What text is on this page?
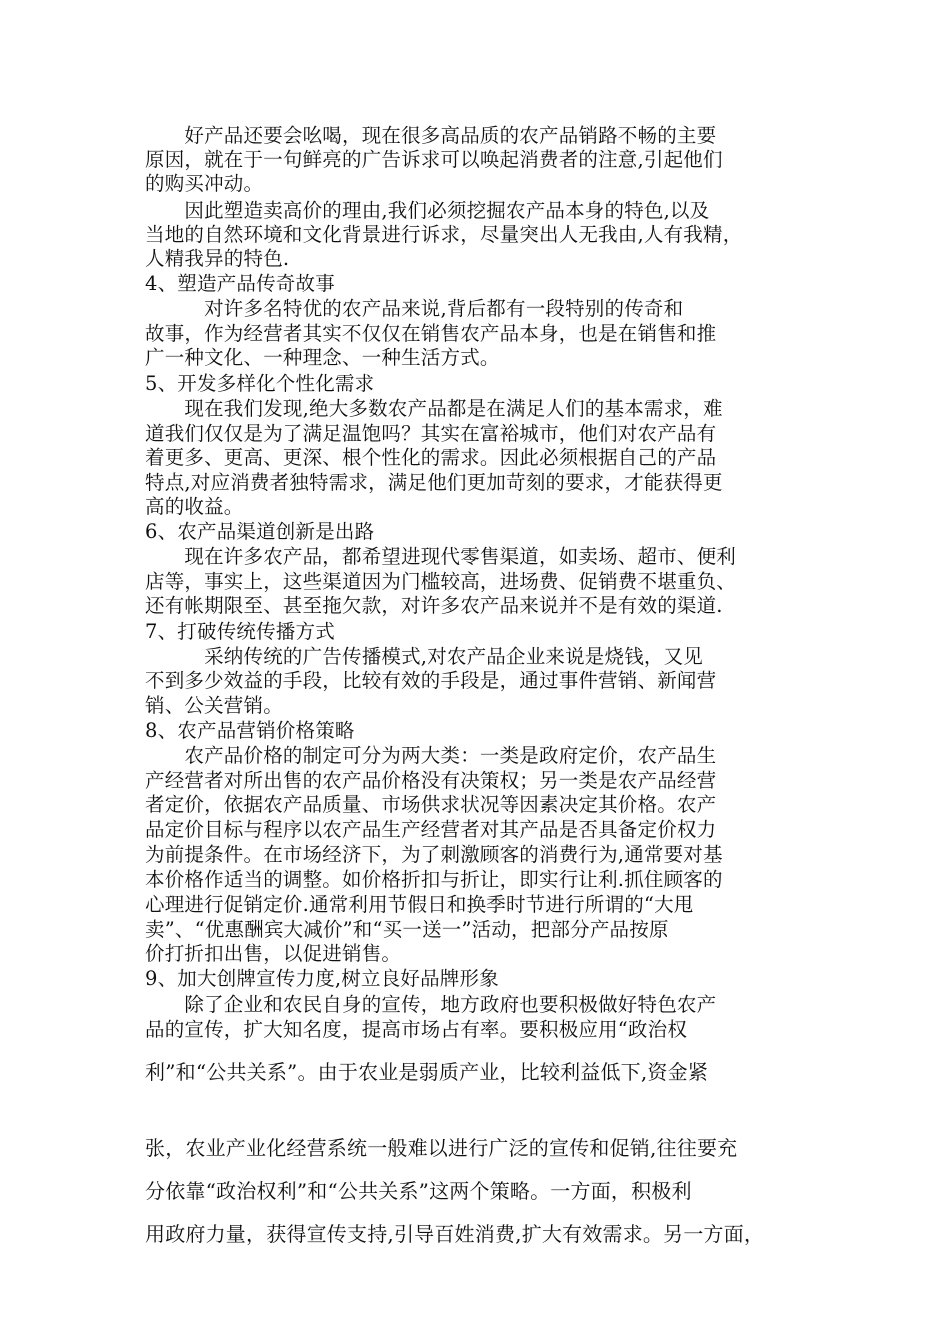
　　好产品还要会吆喝，现在很多高品质的农产品销路不畅的主要
原因，就在于一句鲜亮的广告诉求可以唤起消费者的注意,引起他们
的购买冲动。
　　因此塑造卖高价的理由,我们必须挖掘农产品本身的特色,以及
当地的自然环境和文化背景进行诉求，尽量突出人无我由,人有我精，
人精我异的特色.
4、塑造产品传奇故事
　　　对许多名特优的农产品来说,背后都有一段特别的传奇和
故事，作为经营者其实不仅仅在销售农产品本身，也是在销售和推
广一种文化、一种理念、一种生活方式。
5、开发多样化个性化需求
　　现在我们发现,绝大多数农产品都是在满足人们的基本需求，难
道我们仅仅是为了满足温饱吗？其实在富裕城市，他们对农产品有
着更多、更高、更深、根个性化的需求。因此必须根据自己的产品
特点,对应消费者独特需求，满足他们更加苛刻的要求，才能获得更
高的收益。
6、农产品渠道创新是出路
　　现在许多农产品，都希望进现代零售渠道，如卖场、超市、便利
店等，事实上，这些渠道因为门槛较高，进场费、促销费不堪重负、
还有帐期限至、甚至拖欠款，对许多农产品来说并不是有效的渠道.
7、打破传统传播方式
　　　采纳传统的广告传播模式,对农产品企业来说是烧钱，又见
不到多少效益的手段，比较有效的手段是，通过事件营销、新闻营
销、公关营销。
8、农产品营销价格策略
　　农产品价格的制定可分为两大类：一类是政府定价，农产品生
产经营者对所出售的农产品价格没有决策权；另一类是农产品经营
者定价，依据农产品质量、市场供求状况等因素决定其价格。农产
品定价目标与程序以农产品生产经营者对其产品是否具备定价权力
为前提条件。在市场经济下，为了刺激顾客的消费行为,通常要对基
本价格作适当的调整。如价格折扣与折让，即实行让利.抓住顾客的
心理进行促销定价.通常利用节假日和换季时节进行所谓的“大甩
卖”、“优惠酬宾大减价”和“买一送一”活动，把部分产品按原
价打折扣出售，以促进销售。
9、加大创牌宣传力度,树立良好品牌形象
　　除了企业和农民自身的宣传，地方政府也要积极做好特色农产
品的宣传，扩大知名度，提高市场占有率。要积极应用“政治权
利”和“公共关系”。由于农业是弱质产业，比较利益低下,资金紧
张，农业产业化经营系统一般难以进行广泛的宣传和促销,往往要充
分依靠“政治权利”和“公共关系”这两个策略。一方面，积极利
用政府力量，获得宣传支持,引导百姓消费,扩大有效需求。另一方面，
